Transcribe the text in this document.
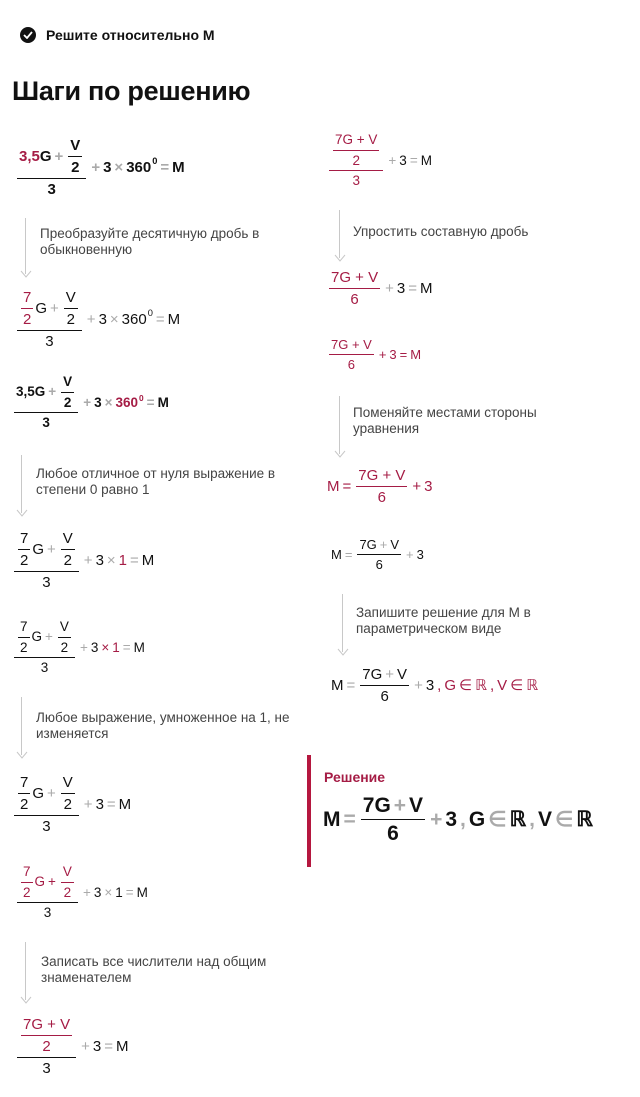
Решите относительно M
Шаги по решению
$\frac{3,5 G + \frac{V}{2}}{3} + 3 \times 360$ 0 = M
Преобразуйте десятичную дробь в обыкновенную
$\frac{\frac{7}{2} G + \frac{V}{2}}{3} + 3 \times 360$ 0 = M
$\frac{3,5G + \frac{V}{2}}{3} + 3 \times 360^0 = M$
Любое отличное от нуля выражение в степени 0 равно 1
$\frac{\frac{7}{2} G + \frac{V}{2}}{3} + 3 \times 1 = M$
$\frac{\frac{7}{2} G + \frac{V}{2}}{3} + 3 \times 1 = M$
Любое выражение, умноженное на 1, не изменяется
$\frac{\frac{7}{2} G + \frac{V}{2}}{3} + 3 = M$
$\frac{\frac{7}{2} G + \frac{V}{2}}{3} + 3 \times 1 = M$
Записать все числители над общим знаменателем
$\frac{\frac{7G + V}{2}}{3} + 3 = M$
$\frac{\frac{7G + V}{2}}{3} + 3 = M$
Упростить составную дробь
$\frac{7G + V}{6} + 3 = M$
$\frac{7G + V}{6} + 3 = M$
Поменяйте местами стороны уравнения
$M = \frac{7G + V}{6} + 3$
$M = \frac{7G + V}{6} + 3$
Запишите решение для M в параметрическом виде
$M = \frac{7G + V}{6} + 3$ , G ∈ ℝ , V ∈ ℝ
Решение
$M = \frac{7G + V}{6} + 3$ , G ∈ ℝ , V ∈ ℝ
